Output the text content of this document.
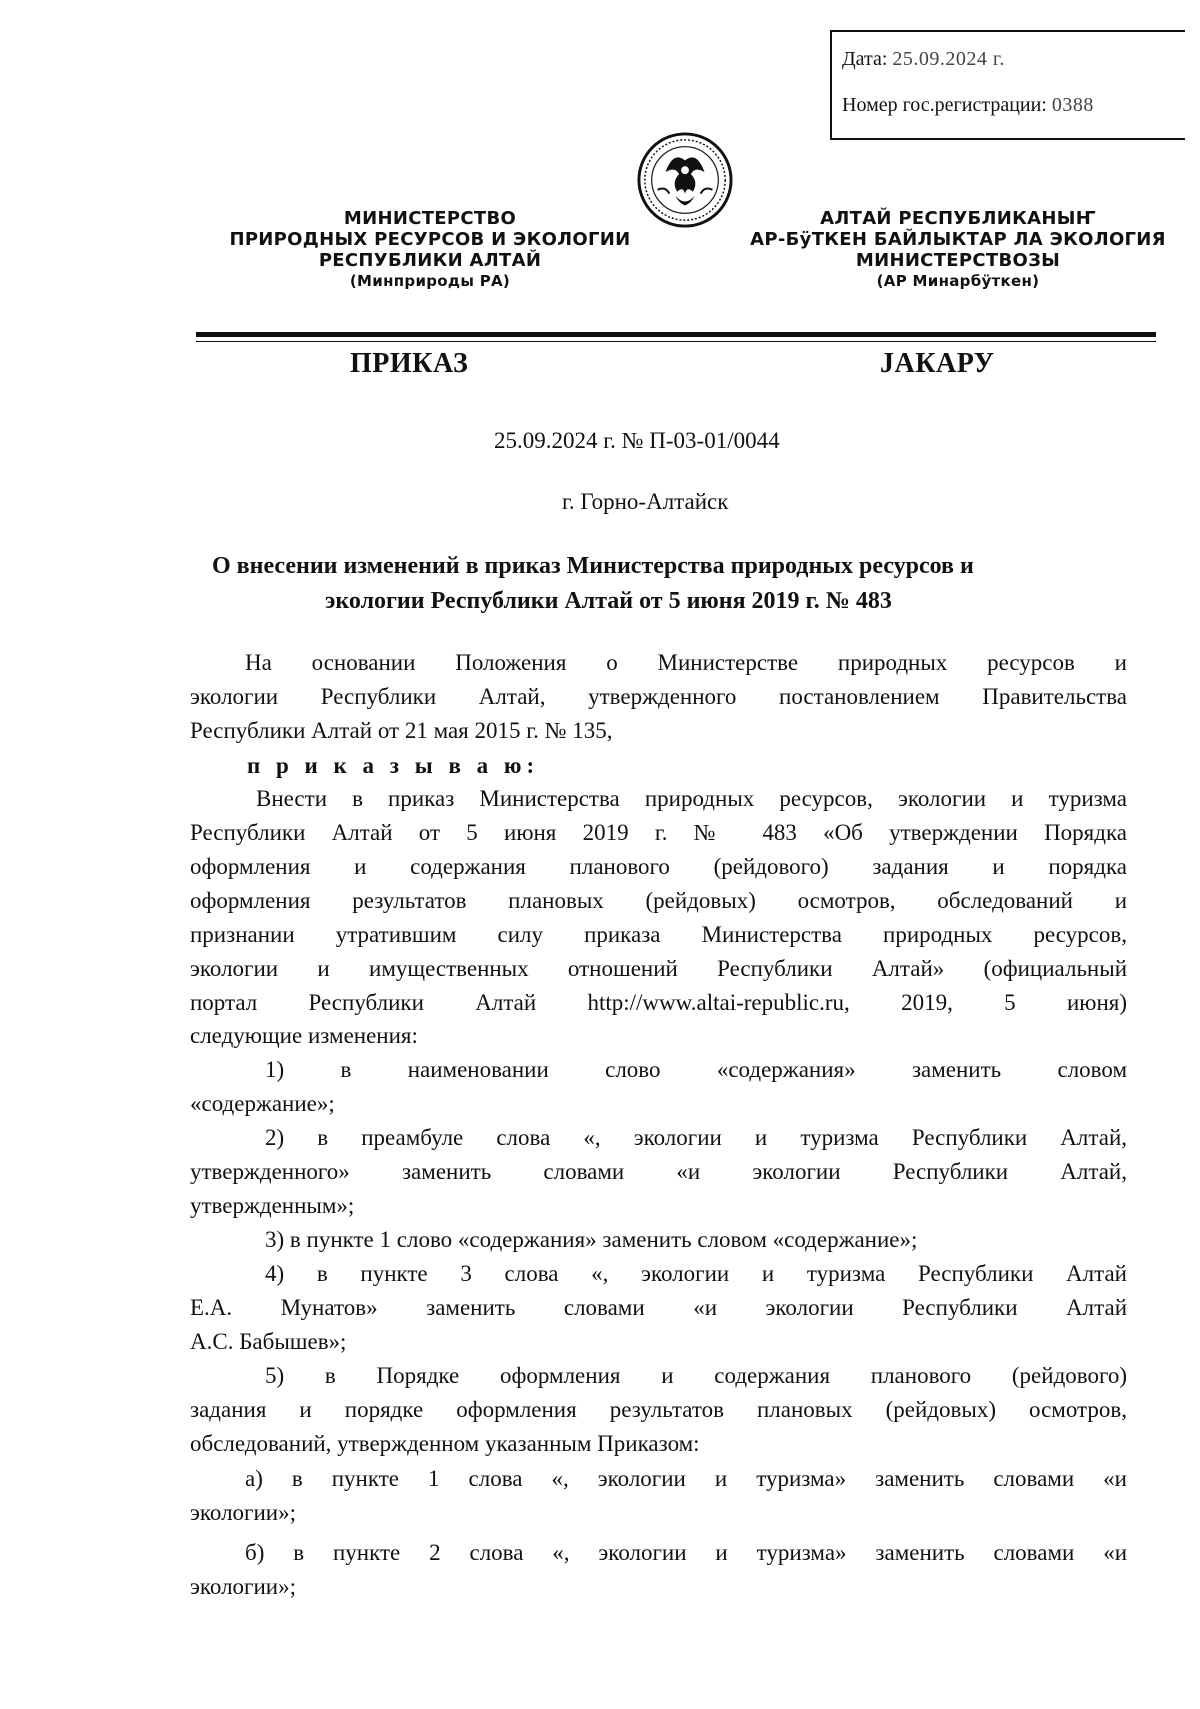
Дата: 25.09.2024 г.
Номер гос.регистрации: 0388
МИНИСТЕРСТВО
ПРИРОДНЫХ РЕСУРСОВ И ЭКОЛОГИИ
РЕСПУБЛИКИ АЛТАЙ
(Минприроды РА)
АЛТАЙ РЕСПУБЛИКАНЫҤ
АР-БÿТКЕН БАЙЛЫКТАР ЛА ЭКОЛОГИЯ
МИНИСТЕРСТВОЗЫ
(АР Минарбÿткен)
ПРИКАЗ	JАКАРУ
25.09.2024 г. № П-03-01/0044
г. Горно-Алтайск
О внесении изменений в приказ Министерства природных ресурсов и
экологии Республики Алтай от 5 июня 2019 г. № 483
На основании Положения о Министерстве природных ресурсов и
экологии Республики Алтай, утвержденного постановлением Правительства
Республики Алтай от 21 мая 2015 г. № 135,
п р и к а з ы в а ю:
Внести в приказ Министерства природных ресурсов, экологии и туризма
Республики Алтай от 5 июня 2019 г. № 483 «Об утверждении Порядка
оформления и содержания планового (рейдового) задания и порядка
оформления результатов плановых (рейдовых) осмотров, обследований и
признании утратившим силу приказа Министерства природных ресурсов,
экологии и имущественных отношений Республики Алтай» (официальный
портал Республики Алтай http://www.altai-republic.ru, 2019, 5 июня)
следующие изменения:
1) в наименовании слово «содержания» заменить словом
«содержание»;
2) в преамбуле слова «, экологии и туризма Республики Алтай,
утвержденного» заменить словами «и экологии Республики Алтай,
утвержденным»;
3) в пункте 1 слово «содержания» заменить словом «содержание»;
4) в пункте 3 слова «, экологии и туризма Республики Алтай
Е.А. Мунатов» заменить словами «и экологии Республики Алтай
А.С. Бабышев»;
5) в Порядке оформления и содержания планового (рейдового)
задания и порядке оформления результатов плановых (рейдовых) осмотров,
обследований, утвержденном указанным Приказом:
а) в пункте 1 слова «, экологии и туризма» заменить словами «и
экологии»;
б) в пункте 2 слова «, экологии и туризма» заменить словами «и
экологии»;
